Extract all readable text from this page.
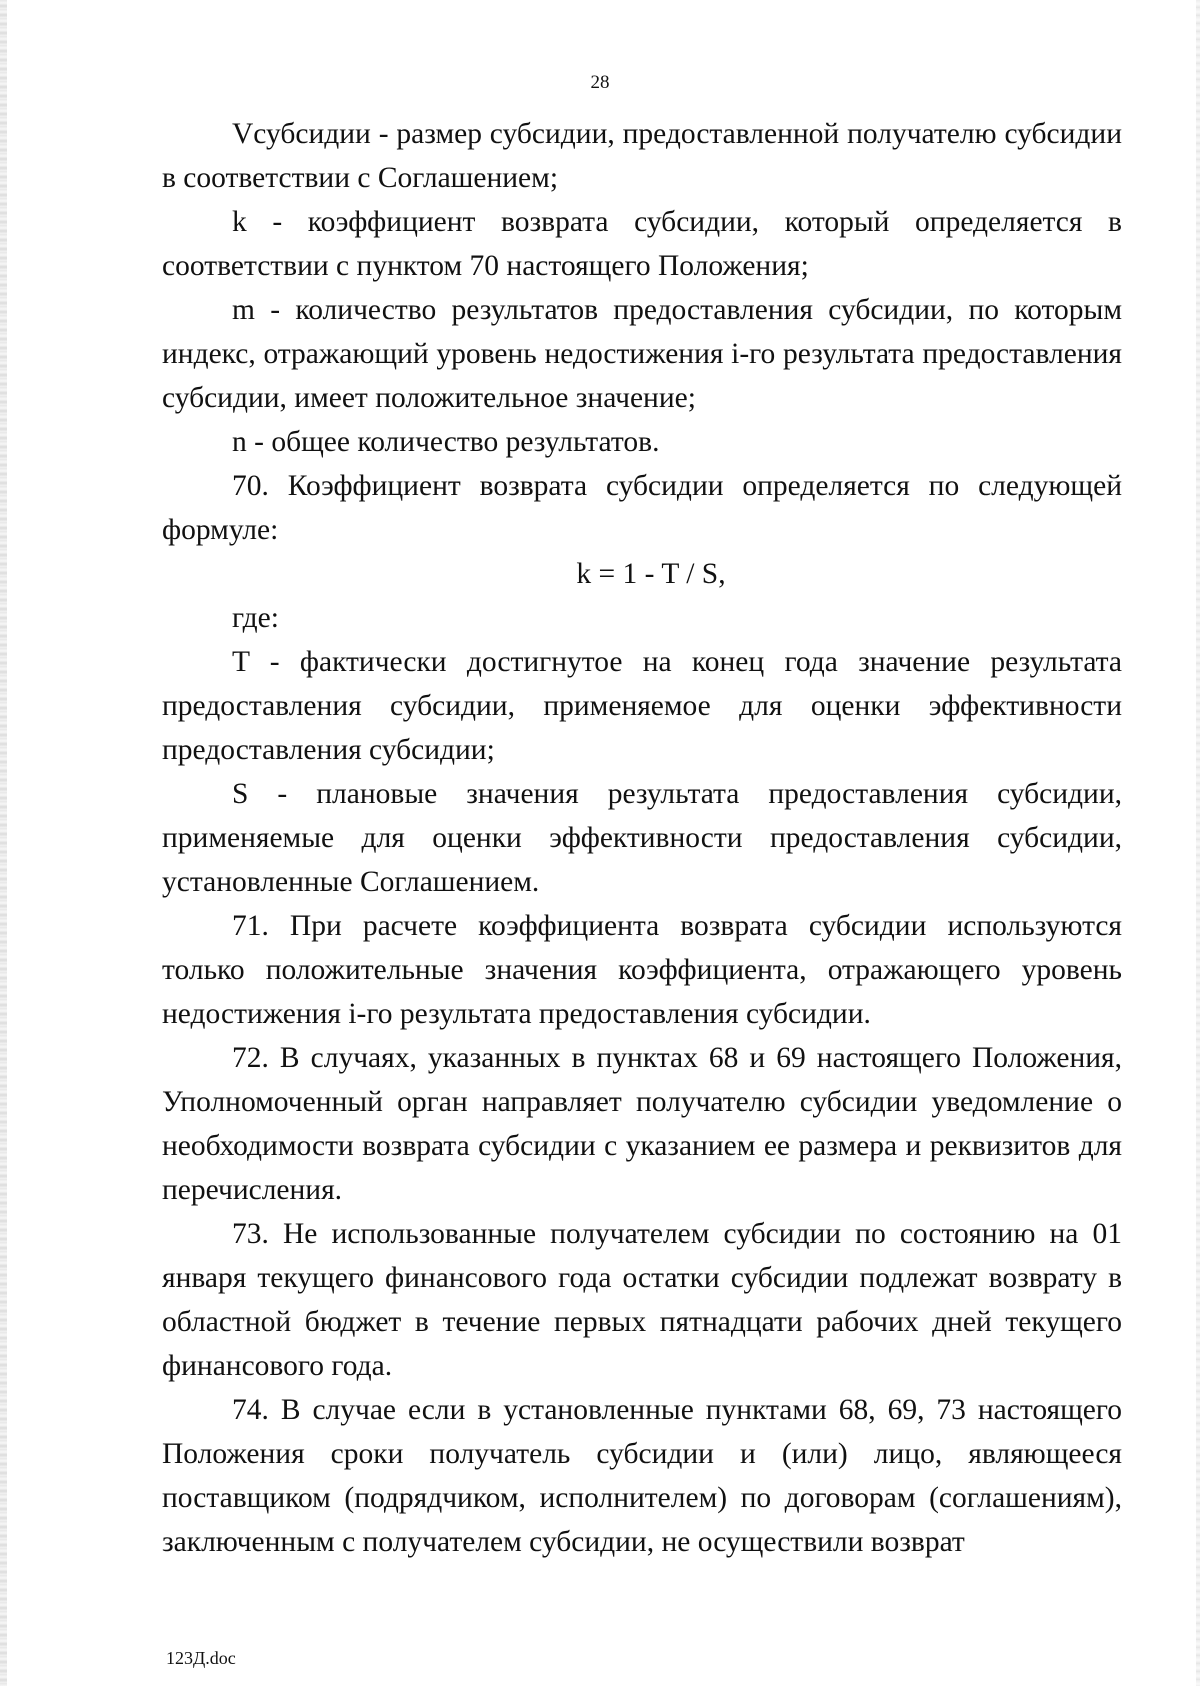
28

Vсубсидии - размер субсидии, предоставленной получателю субсидии в соответствии с Соглашением;

k - коэффициент возврата субсидии, который определяется в соответствии с пунктом 70 настоящего Положения;

m - количество результатов предоставления субсидии, по которым индекс, отражающий уровень недостижения i-го результата предоставления субсидии, имеет положительное значение;

n - общее количество результатов.

70. Коэффициент возврата субсидии определяется по следующей формуле:

k = 1 - T / S,

где:

T - фактически достигнутое на конец года значение результата предоставления субсидии, применяемое для оценки эффективности предоставления субсидии;

S - плановые значения результата предоставления субсидии, применяемые для оценки эффективности предоставления субсидии, установленные Соглашением.

71. При расчете коэффициента возврата субсидии используются только положительные значения коэффициента, отражающего уровень недостижения i-го результата предоставления субсидии.

72. В случаях, указанных в пунктах 68 и 69 настоящего Положения, Уполномоченный орган направляет получателю субсидии уведомление о необходимости возврата субсидии с указанием ее размера и реквизитов для перечисления.

73. Не использованные получателем субсидии по состоянию на 01 января текущего финансового года остатки субсидии подлежат возврату в областной бюджет в течение первых пятнадцати рабочих дней текущего финансового года.

74. В случае если в установленные пунктами 68, 69, 73 настоящего Положения сроки получатель субсидии и (или) лицо, являющееся поставщиком (подрядчиком, исполнителем) по договорам (соглашениям), заключенным с получателем субсидии, не осуществили возврат

123Д.doc
